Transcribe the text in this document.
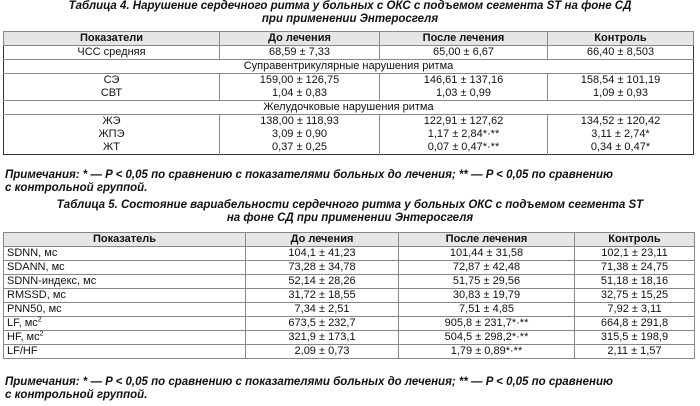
Таблица 4. Нарушение сердечного ритма у больных с ОКС с подъемом сегмента ST на фоне СД
при применении Энтеросгеля
Показатели	До лечения	После лечения	Контроль
ЧСС средняя	68,59 ± 7,33	65,00 ± 6,67	66,40 ± 8,503
Суправентрикулярные нарушения ритма			
СЭ	159,00 ± 126,75	146,61 ± 137,16	158,54 ± 101,19
СВТ	1,04 ± 0,83	1,03 ± 0,99	1,09 ± 0,93
Желудочковые нарушения ритма			
ЖЭ	138,00 ± 118,93	122,91 ± 127,62	134,52 ± 120,42
ЖПЭ	3,09 ± 0,90	1,17 ± 2,84*·**	3,11 ± 2,74*
ЖТ	0,37 ± 0,25	0,07 ± 0,47*·**	0,34 ± 0,47*
Примечания: * — P < 0,05 по сравнению с показателями больных до лечения; ** — P < 0,05 по сравнению
с контрольной группой.
Таблица 5. Состояние вариабельности сердечного ритма у больных ОКС с подъемом сегмента ST
на фоне СД при применении Энтеросгеля
Показатель	До лечения	После лечения	Контроль
SDNN, мс	104,1 ± 41,23	101,44 ± 31,58	102,1 ± 23,11
SDANN, мс	73,28 ± 34,78	72,87 ± 42,48	71,38 ± 24,75
SDNN-индекс, мс	52,14 ± 28,26	51,75 ± 29,56	51,18 ± 18,16
RMSSD, мс	31,72 ± 18,55	30,83 ± 19,79	32,75 ± 15,25
PNN50, мс	7,34 ± 2,51	7,51 ± 4,85	7,92 ± 3,11
LF, $мс^2$	673,5 ± 232,7	905,8 ± 231,7*·**	664,8 ± 291,8
HF, $мс^2$	321,9 ± 173,1	504,5 ± 298,2*·**	315,5 ± 198,9
LF/HF	2,09 ± 0,73	1,79 ± 0,89*·**	2,11 ± 1,57
Примечания: * — P < 0,05 по сравнению с показателями больных до лечения; ** — P < 0,05 по сравнению
с контрольной группой.
